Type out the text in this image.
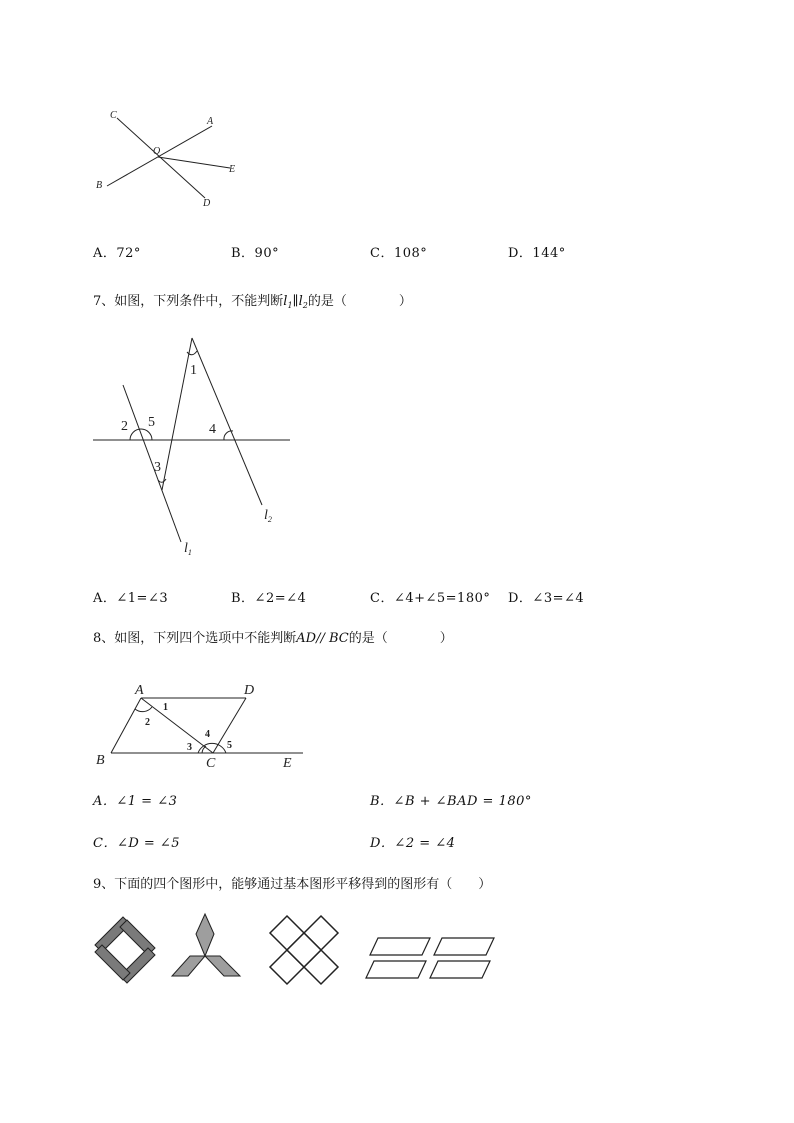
C
A
O
E
B
D
A．72°	B．90°	C．108°	D．144°
7、如图，下列条件中，不能判断$l_1\parallel l_2$的是（　　　　）
1
2 5	4
3
$l_2$
$l_1$
A．∠1=∠3	B．∠2=∠4	C．∠4+∠5=180° D．∠3=∠4
8、如图，下列四个选项中不能判断AD// BC的是（　　　　）
A	D
B	C	E
1
2
3
4
5
A．∠1 = ∠3	B．∠B + ∠BAD = 180°
C．∠D = ∠5	D．∠2 = ∠4
9、下面的四个图形中，能够通过基本图形平移得到的图形有（　　）
